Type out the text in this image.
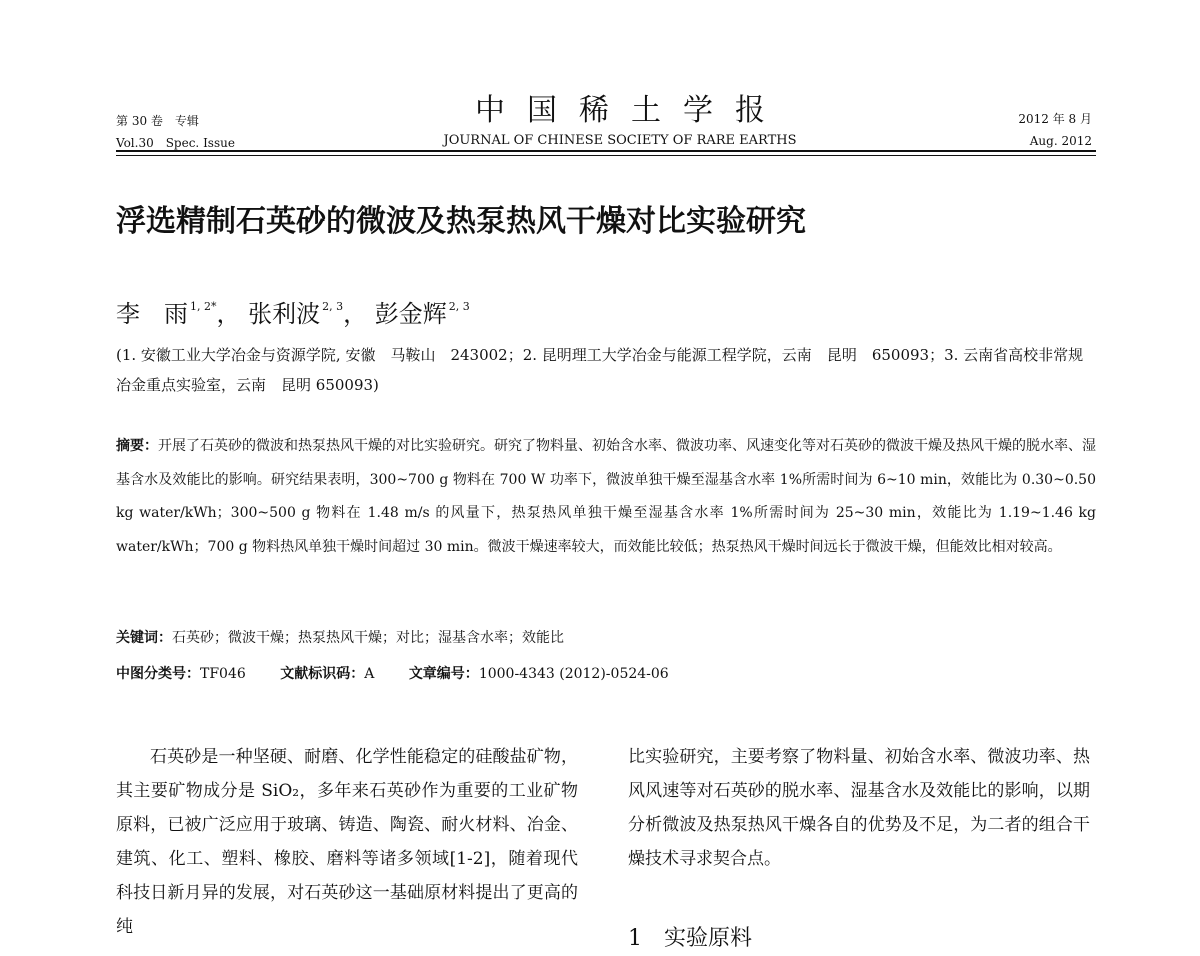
第 30 卷　专辑
Vol.30　Spec. Issue
中国稀土学报
JOURNAL OF CHINESE SOCIETY OF RARE EARTHS
2012 年 8 月
Aug. 2012
浮选精制石英砂的微波及热泵热风干燥对比实验研究
李　雨 $^{1, 2*}$， 张利波 $^{2, 3}$， 彭金辉 $^{2, 3}$
(1. 安徽工业大学冶金与资源学院, 安徽　马鞍山　243002；2. 昆明理工大学冶金与能源工程学院，云南　昆明　650093；3. 云南省高校非常规冶金重点实验室，云南　昆明 650093)
摘要：开展了石英砂的微波和热泵热风干燥的对比实验研究。研究了物料量、初始含水率、微波功率、风速变化等对石英砂的微波干燥及热风干燥的脱水率、湿基含水及效能比的影响。研究结果表明，300~700 g 物料在 700 W 功率下，微波单独干燥至湿基含水率 1%所需时间为 6~10 min，效能比为 0.30~0.50 kg water/kWh；300~500 g 物料在 1.48 m/s 的风量下，热泵热风单独干燥至湿基含水率 1%所需时间为 25~30 min，效能比为 1.19~1.46 kg water/kWh；700 g 物料热风单独干燥时间超过 30 min。微波干燥速率较大，而效能比较低；热泵热风干燥时间远长于微波干燥，但能效比相对较高。
关键词：石英砂；微波干燥；热泵热风干燥；对比；湿基含水率；效能比
中图分类号：TF046 文献标识码：A 文章编号：1000-4343 (2012)-0524-06

石英砂是一种坚硬、耐磨、化学性能稳定的硅酸盐矿物，其主要矿物成分是 SiO₂，多年来石英砂作为重要的工业矿物原料，已被广泛应用于玻璃、铸造、陶瓷、耐火材料、冶金、建筑、化工、塑料、橡胶、磨料等诸多领域[1-2]，随着现代科技日新月异的发展，对石英砂这一基础原材料提出了更高的纯

比实验研究，主要考察了物料量、初始含水率、微波功率、热风风速等对石英砂的脱水率、湿基含水及效能比的影响，以期分析微波及热泵热风干燥各自的优势及不足，为二者的组合干燥技术寻求契合点。

1　实验原料
